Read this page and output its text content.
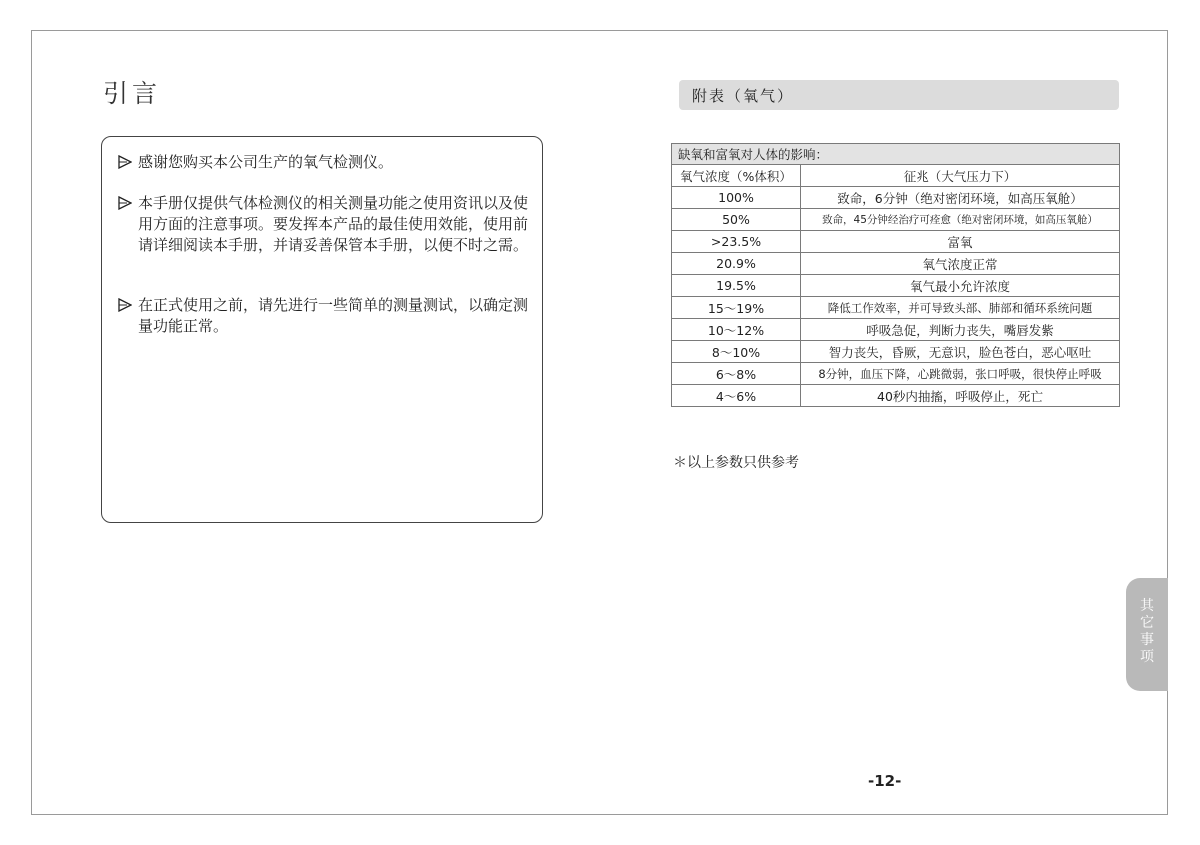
引言
感谢您购买本公司生产的氧气检测仪。
本手册仅提供气体检测仪的相关测量功能之使用资讯以及使用方面的注意事项。要发挥本产品的最佳使用效能，使用前请详细阅读本手册，并请妥善保管本手册，以便不时之需。
在正式使用之前，请先进行一些简单的测量测试，以确定测量功能正常。
附表（氧气）
缺氧和富氧对人体的影响：	
氧气浓度（%体积）	征兆（大气压力下）
100%	致命，6分钟（绝对密闭环境，如高压氧舱）
50%	致命，45分钟经治疗可痊愈（绝对密闭环境，如高压氧舱）
>23.5%	富氧
20.9%	氧气浓度正常
19.5%	氧气最小允许浓度
15～19%	降低工作效率，并可导致头部、肺部和循环系统问题
10～12%	呼吸急促，判断力丧失，嘴唇发紫
8～10%	智力丧失，昏厥，无意识，脸色苍白，恶心呕吐
6～8%	8分钟，血压下降，心跳微弱，张口呼吸，很快停止呼吸
4～6%	40秒内抽搐，呼吸停止，死亡
＊以上参数只供参考
其它事项
-12-
